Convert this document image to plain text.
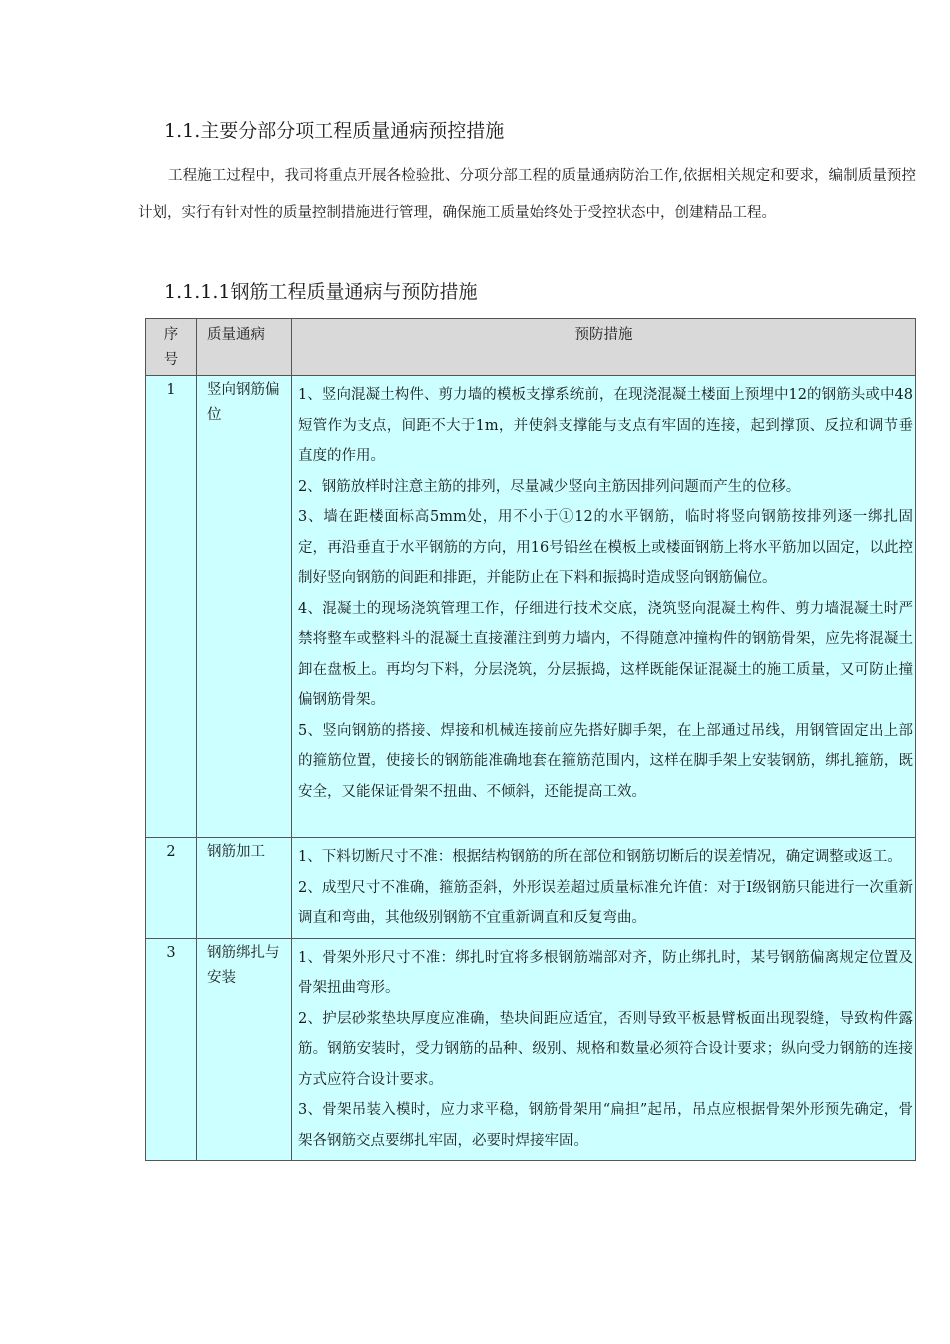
1.1.主要分部分项工程质量通病预控措施
工程施工过程中，我司将重点开展各检验批、分项分部工程的质量通病防治工作,依据相关规定和要求，编制质量预控计划，实行有针对性的质量控制措施进行管理，确保施工质量始终处于受控状态中，创建精品工程。
1.1.1.1钢筋工程质量通病与预防措施
序号	质量通病	预防措施
1	竖向钢筋偏位	1、竖向混凝土构件、剪力墙的模板支撑系统前，在现浇混凝土楼面上预埋中12的钢筋头或中48短管作为支点，间距不大于1m，并使斜支撑能与支点有牢固的连接，起到撑顶、反拉和调节垂直度的作用。

2、钢筋放样时注意主筋的排列，尽量减少竖向主筋因排列问题而产生的位移。

3、墙在距楼面标高5mm处，用不小于①12的水平钢筋，临时将竖向钢筋按排列逐一绑扎固定，再沿垂直于水平钢筋的方向，用16号铅丝在模板上或楼面钢筋上将水平筋加以固定，以此控制好竖向钢筋的间距和排距，并能防止在下料和振捣时造成竖向钢筋偏位。

4、混凝土的现场浇筑管理工作，仔细进行技术交底，浇筑竖向混凝土构件、剪力墙混凝土时严禁将整车或整料斗的混凝土直接灌注到剪力墙内，不得随意冲撞构件的钢筋骨架，应先将混凝土卸在盘板上。再均匀下料，分层浇筑，分层振捣，这样既能保证混凝土的施工质量，又可防止撞偏钢筋骨架。

5、竖向钢筋的搭接、焊接和机械连接前应先搭好脚手架，在上部通过吊线，用钢管固定出上部的箍筋位置，使接长的钢筋能准确地套在箍筋范围内，这样在脚手架上安装钢筋，绑扎箍筋，既安全，又能保证骨架不扭曲、不倾斜，还能提高工效。

2	钢筋加工	1、下料切断尺寸不准：根据结构钢筋的所在部位和钢筋切断后的误差情况，确定调整或返工。

2、成型尺寸不准确，箍筋歪斜，外形误差超过质量标准允许值：对于Ⅰ级钢筋只能进行一次重新调直和弯曲，其他级别钢筋不宜重新调直和反复弯曲。

3	钢筋绑扎与安装	1、骨架外形尺寸不准：绑扎时宜将多根钢筋端部对齐，防止绑扎时，某号钢筋偏离规定位置及骨架扭曲弯形。

2、护层砂浆垫块厚度应准确，垫块间距应适宜，否则导致平板悬臂板面出现裂缝，导致构件露筋。钢筋安装时，受力钢筋的品种、级别、规格和数量必须符合设计要求；纵向受力钢筋的连接方式应符合设计要求。

3、骨架吊装入模时，应力求平稳，钢筋骨架用“扁担”起吊，吊点应根据骨架外形预先确定，骨架各钢筋交点要绑扎牢固，必要时焊接牢固。
